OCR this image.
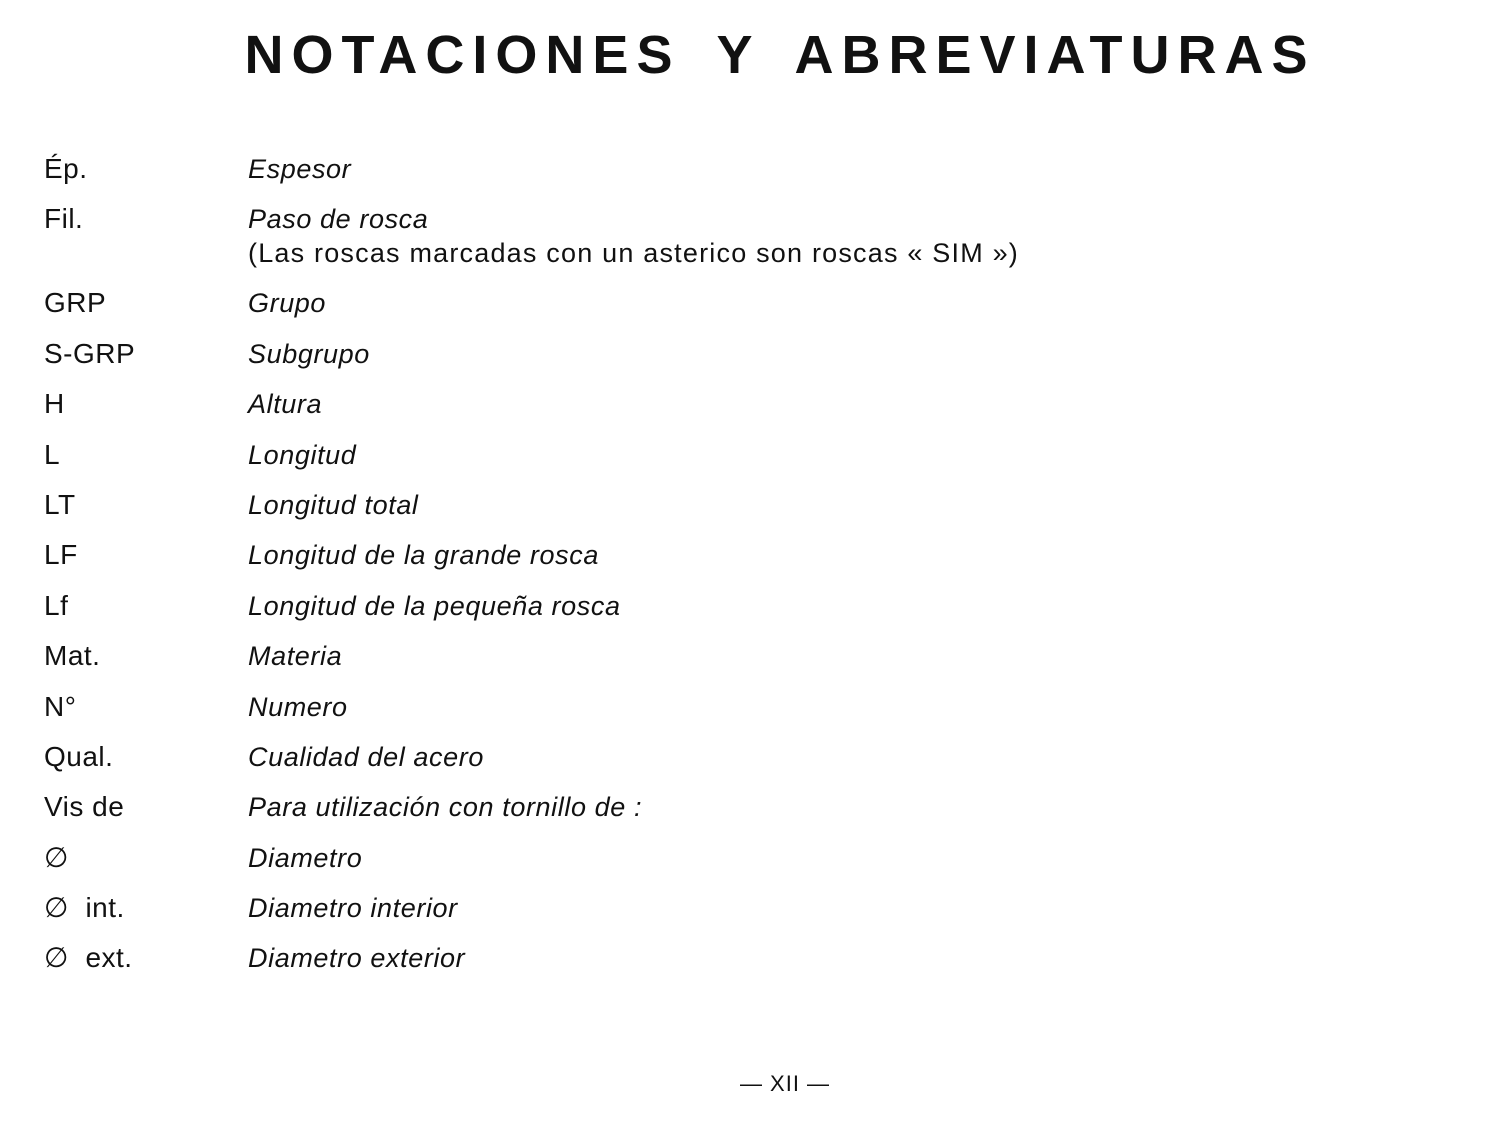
NOTACIONES Y ABREVIATURAS
Ép.	Espesor
Fil.	Paso de rosca
(Las roscas marcadas con un asterico son roscas « SIM »)
GRP	Grupo
S-GRP	Subgrupo
H	Altura
L	Longitud
LT	Longitud total
LF	Longitud de la grande rosca
Lf	Longitud de la pequeña rosca
Mat.	Materia
N°	Numero
Qual.	Cualidad del acero
Vis de	Para utilización con tornillo de :
∅	Diametro
∅  int.	Diametro interior
∅  ext.	Diametro exterior
— XII —
